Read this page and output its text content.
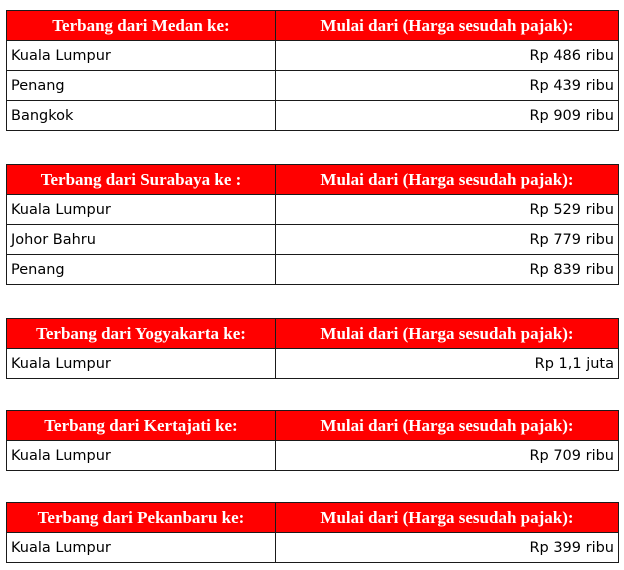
Terbang dari Medan ke:	Mulai dari (Harga sesudah pajak):
Kuala Lumpur	Rp 486 ribu
Penang	Rp 439 ribu
Bangkok	Rp 909 ribu
Terbang dari Surabaya ke :	Mulai dari (Harga sesudah pajak):
Kuala Lumpur	Rp 529 ribu
Johor Bahru	Rp 779 ribu
Penang	Rp 839 ribu
Terbang dari Yogyakarta ke:	Mulai dari (Harga sesudah pajak):
Kuala Lumpur	Rp 1,1 juta
Terbang dari Kertajati ke:	Mulai dari (Harga sesudah pajak):
Kuala Lumpur	Rp 709 ribu
Terbang dari Pekanbaru ke:	Mulai dari (Harga sesudah pajak):
Kuala Lumpur	Rp 399 ribu
